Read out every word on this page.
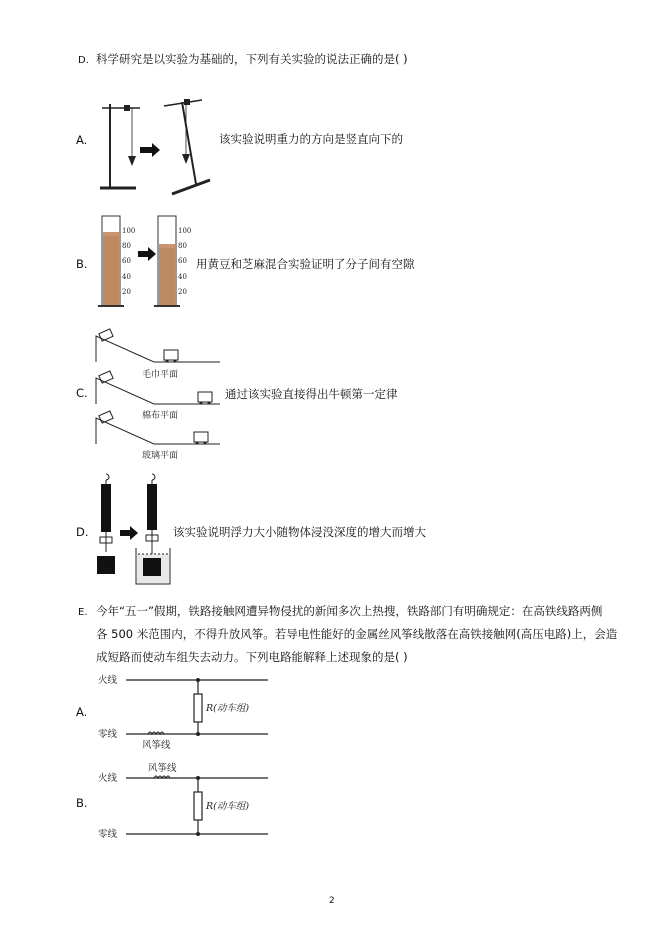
D. 科学研究是以实验为基础的，下列有关实验的说法正确的是( )
A.	该实验说明重力的方向是竖直向下的
B.
100
80
60
40
20
100
80
60
40
20
用黄豆和芝麻混合实验证明了分子间有空隙
C.
毛巾平面
棉布平面
玻璃平面
通过该实验直接得出牛顿第一定律
D.	该实验说明浮力大小随物体浸没深度的增大而增大
E. 今年“五一”假期，铁路接触网遭异物侵扰的新闻多次上热搜，铁路部门有明确规定：在高铁线路两侧
各 500 米范围内，不得升放风筝。若导电性能好的金属丝风筝线散落在高铁接触网(高压电路)上，会造
成短路而使动车组失去动力。下列电路能解释上述现象的是( )
A.
火线
零线
风筝线
R(动车组)
B.
火线
零线
风筝线
R(动车组)
2
